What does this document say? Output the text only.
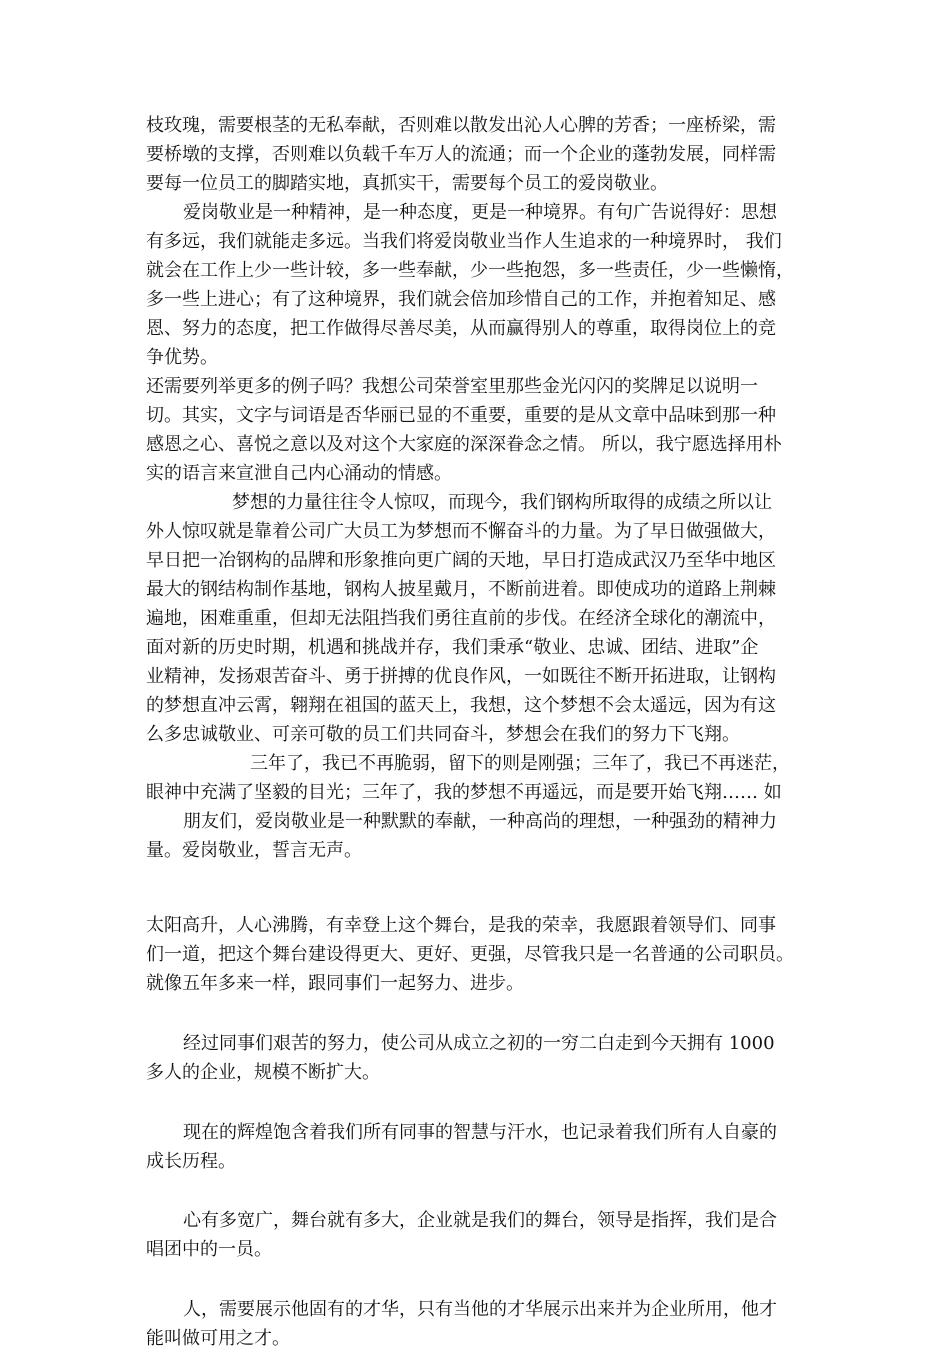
枝玫瑰，需要根茎的无私奉献，否则难以散发出沁人心脾的芳香；一座桥梁，需
要桥墩的支撑，否则难以负载千车万人的流通；而一个企业的蓬勃发展，同样需
要每一位员工的脚踏实地，真抓实干，需要每个员工的爱岗敬业。
爱岗敬业是一种精神，是一种态度，更是一种境界。有句广告说得好：思想
有多远，我们就能走多远。当我们将爱岗敬业当作人生追求的一种境界时， 我们
就会在工作上少一些计较，多一些奉献，少一些抱怨，多一些责任，少一些懒惰，
多一些上进心；有了这种境界，我们就会倍加珍惜自己的工作，并抱着知足、感
恩、努力的态度，把工作做得尽善尽美，从而赢得别人的尊重，取得岗位上的竞
争优势。
还需要列举更多的例子吗？我想公司荣誉室里那些金光闪闪的奖牌足以说明一
切。其实，文字与词语是否华丽已显的不重要，重要的是从文章中品味到那一种
感恩之心、喜悦之意以及对这个大家庭的深深眷念之情。 所以，我宁愿选择用朴
实的语言来宣泄自己内心涌动的情感。
梦想的力量往往令人惊叹，而现今，我们钢构所取得的成绩之所以让
外人惊叹就是靠着公司广大员工为梦想而不懈奋斗的力量。为了早日做强做大，
早日把一冶钢构的品牌和形象推向更广阔的天地，早日打造成武汉乃至华中地区
最大的钢结构制作基地，钢构人披星戴月，不断前进着。即使成功的道路上荆棘
遍地，困难重重，但却无法阻挡我们勇往直前的步伐。在经济全球化的潮流中，
面对新的历史时期，机遇和挑战并存，我们秉承“敬业、忠诚、团结、进取”企
业精神，发扬艰苦奋斗、勇于拼搏的优良作风，一如既往不断开拓进取，让钢构
的梦想直冲云霄，翱翔在祖国的蓝天上，我想，这个梦想不会太遥远，因为有这
么多忠诚敬业、可亲可敬的员工们共同奋斗，梦想会在我们的努力下飞翔。
三年了，我已不再脆弱，留下的则是刚强；三年了，我已不再迷茫，
眼神中充满了坚毅的目光；三年了，我的梦想不再遥远，而是要开始飞翔…… 如
朋友们，爱岗敬业是一种默默的奉献，一种高尚的理想，一种强劲的精神力
量。爱岗敬业，誓言无声。
太阳高升，人心沸腾，有幸登上这个舞台，是我的荣幸，我愿跟着领导们、同事
们一道，把这个舞台建设得更大、更好、更强，尽管我只是一名普通的公司职员。
就像五年多来一样，跟同事们一起努力、进步。
经过同事们艰苦的努力，使公司从成立之初的一穷二白走到今天拥有 1000
多人的企业，规模不断扩大。
现在的辉煌饱含着我们所有同事的智慧与汗水，也记录着我们所有人自豪的
成长历程。
心有多宽广，舞台就有多大，企业就是我们的舞台，领导是指挥，我们是合
唱团中的一员。
人，需要展示他固有的才华，只有当他的才华展示出来并为企业所用，他才
能叫做可用之才。
